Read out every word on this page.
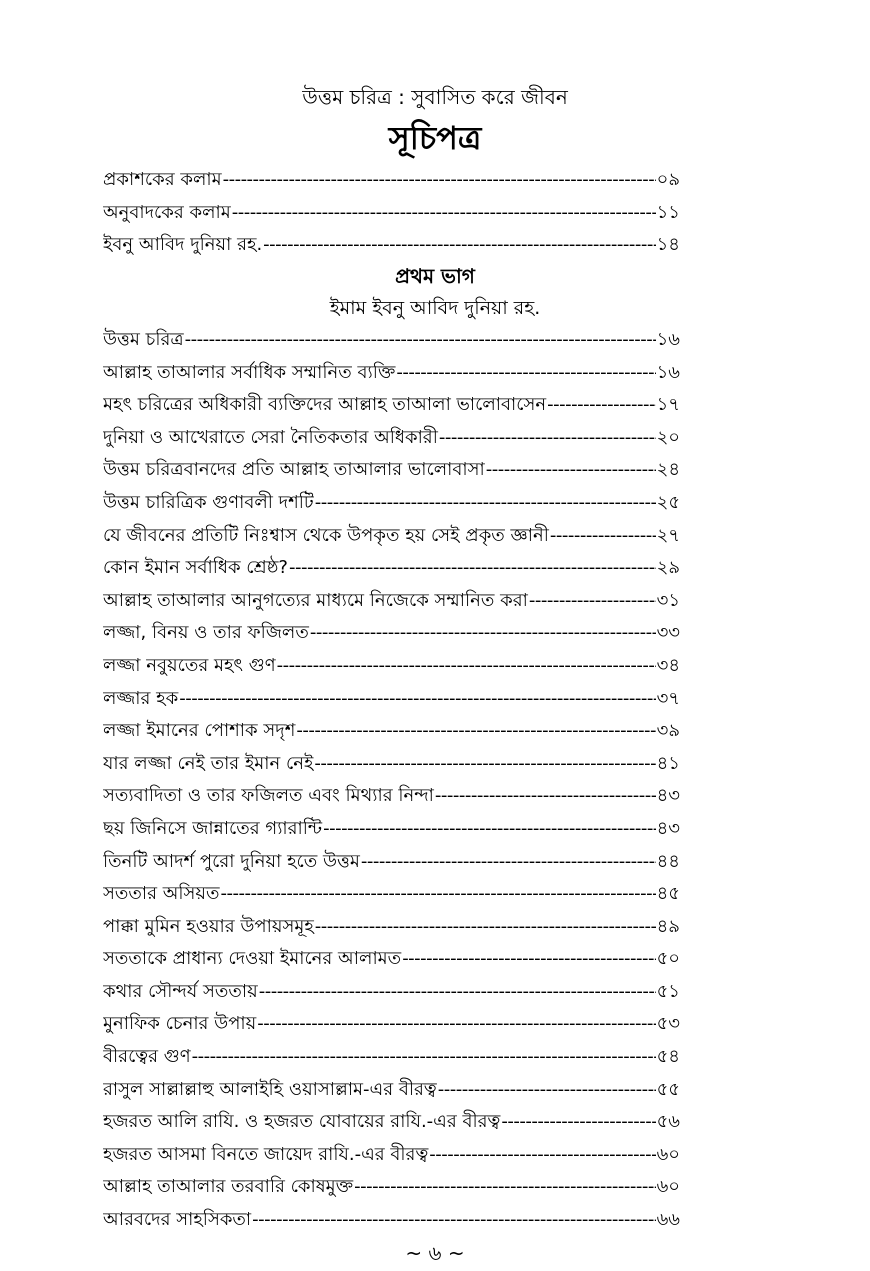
উত্তম চরিত্র : সুবাসিত করে জীবন
সূচিপত্র
প্রকাশকের কলাম -----	০৯
অনুবাদকের কলাম -----	১১
ইবনু আবিদ দুনিয়া রহ. -----	১৪
প্রথম ভাগ
ইমাম ইবনু আবিদ দুনিয়া রহ.
উত্তম চরিত্র -----	১৬
আল্লাহ তাআলার সর্বাধিক সম্মানিত ব্যক্তি -----	১৬
মহৎ চরিত্রের অধিকারী ব্যক্তিদের আল্লাহ তাআলা ভালোবাসেন -----	১৭
দুনিয়া ও আখেরাতে সেরা নৈতিকতার অধিকারী -----	২০
উত্তম চরিত্রবানদের প্রতি আল্লাহ তাআলার ভালোবাসা -----	২৪
উত্তম চারিত্রিক গুণাবলী দশটি -----	২৫
যে জীবনের প্রতিটি নিঃশ্বাস থেকে উপকৃত হয় সেই প্রকৃত জ্ঞানী -----	২৭
কোন ইমান সর্বাধিক শ্রেষ্ঠ? -----	২৯
আল্লাহ তাআলার আনুগত্যের মাধ্যমে নিজেকে সম্মানিত করা -----	৩১
লজ্জা, বিনয় ও তার ফজিলত -----	৩৩
লজ্জা নবুয়তের মহৎ গুণ -----	৩৪
লজ্জার হক -----	৩৭
লজ্জা ইমানের পোশাক সদৃশ -----	৩৯
যার লজ্জা নেই তার ইমান নেই -----	৪১
সত্যবাদিতা ও তার ফজিলত এবং মিথ্যার নিন্দা -----	৪৩
ছয় জিনিসে জান্নাতের গ্যারান্টি -----	৪৩
তিনটি আদর্শ পুরো দুনিয়া হতে উত্তম -----	৪৪
সততার অসিয়ত -----	৪৫
পাক্কা মুমিন হওয়ার উপায়সমূহ -----	৪৯
সততাকে প্রাধান্য দেওয়া ইমানের আলামত -----	৫০
কথার সৌন্দর্য সততায় -----	৫১
মুনাফিক চেনার উপায় -----	৫৩
বীরত্বের গুণ -----	৫৪
রাসুল সাল্লাল্লাহু আলাইহি ওয়াসাল্লাম-এর বীরত্ব -----	৫৫
হজরত আলি রাযি. ও হজরত যোবায়ের রাযি.-এর বীরত্ব -----	৫৬
হজরত আসমা বিনতে জায়েদ রাযি.-এর বীরত্ব -----	৬০
আল্লাহ তাআলার তরবারি কোষমুক্ত -----	৬০
আরবদের সাহসিকতা -----	৬৬
~ ৬ ~
